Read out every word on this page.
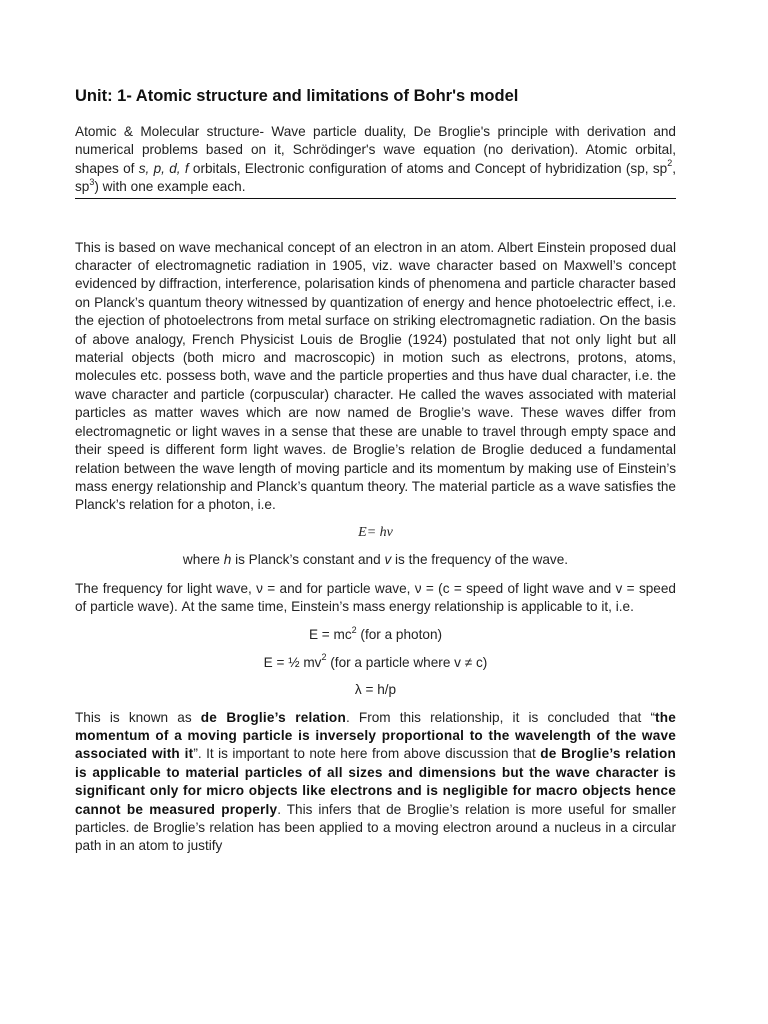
Unit: 1- Atomic structure and limitations of Bohr's model

Atomic & Molecular structure- Wave particle duality, De Broglie's principle with derivation and numerical problems based on it, Schrödinger's wave equation (no derivation). Atomic orbital, shapes of s, p, d, f orbitals, Electronic configuration of atoms and Concept of hybridization (sp, $sp^2$, $sp^3$) with one example each.

This is based on wave mechanical concept of an electron in an atom. Albert Einstein proposed dual character of electromagnetic radiation in 1905, viz. wave character based on Maxwell’s concept evidenced by diffraction, interference, polarisation kinds of phenomena and particle character based on Planck’s quantum theory witnessed by quantization of energy and hence photoelectric effect, i.e. the ejection of photoelectrons from metal surface on striking electromagnetic radiation. On the basis of above analogy, French Physicist Louis de Broglie (1924) postulated that not only light but all material objects (both micro and macroscopic) in motion such as electrons, protons, atoms, molecules etc. possess both, wave and the particle properties and thus have dual character, i.e. the wave character and particle (corpuscular) character. He called the waves associated with material particles as matter waves which are now named de Broglie’s wave. These waves differ from electromagnetic or light waves in a sense that these are unable to travel through empty space and their speed is different form light waves. de Broglie’s relation de Broglie deduced a fundamental relation between the wave length of moving particle and its momentum by making use of Einstein’s mass energy relationship and Planck’s quantum theory. The material particle as a wave satisfies the Planck’s relation for a photon, i.e.

E= hν

where h is Planck’s constant and v is the frequency of the wave.

The frequency for light wave, ν = and for particle wave, ν = (c = speed of light wave and v = speed of particle wave). At the same time, Einstein’s mass energy relationship is applicable to it, i.e.

$E = mc^2$ (for a photon)

E = ½ $mv^2$ (for a particle where v ≠ c)

λ = h/p

This is known as de Broglie’s relation. From this relationship, it is concluded that “the momentum of a moving particle is inversely proportional to the wavelength of the wave associated with it”. It is important to note here from above discussion that de Broglie’s relation is applicable to material particles of all sizes and dimensions but the wave character is significant only for micro objects like electrons and is negligible for macro objects hence cannot be measured properly. This infers that de Broglie’s relation is more useful for smaller particles. de Broglie’s relation has been applied to a moving electron around a nucleus in a circular path in an atom to justify
